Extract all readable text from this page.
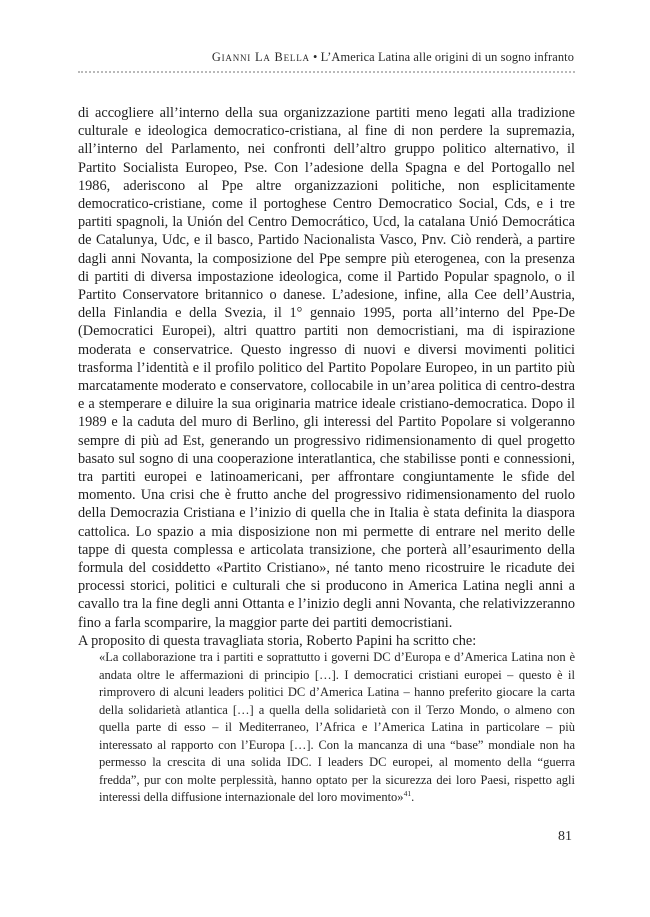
Gianni La Bella • L’America Latina alle origini di un sogno infranto

di accogliere all’interno della sua organizzazione partiti meno legati alla tradizione culturale e ideologica democratico-cristiana, al fine di non perdere la supremazia, all’interno del Parlamento, nei confronti dell’altro gruppo politico alternativo, il Partito Socialista Europeo, Pse. Con l’adesione della Spagna e del Portogallo nel 1986, aderiscono al Ppe altre organizzazioni politiche, non esplicitamente democratico-cristiane, come il portoghese Centro Democratico Social, Cds, e i tre partiti spagnoli, la Unión del Centro Democrático, Ucd, la catalana Unió Democrática de Catalunya, Udc, e il basco, Partido Nacionalista Vasco, Pnv. Ciò renderà, a partire dagli anni Novanta, la composizione del Ppe sempre più eterogenea, con la presenza di partiti di diversa impostazione ideologica, come il Partido Popular spagnolo, o il Partito Conservatore britannico o danese. L’adesione, infine, alla Cee dell’Austria, della Finlandia e della Svezia, il 1° gennaio 1995, porta all’interno del Ppe-De (Democratici Europei), altri quattro partiti non democristiani, ma di ispirazione moderata e conservatrice. Questo ingresso di nuovi e diversi movimenti politici trasforma l’identità e il profilo politico del Partito Popolare Europeo, in un partito più marcatamente moderato e conservatore, collocabile in un’area politica di centro-destra e a stemperare e diluire la sua originaria matrice ideale cristiano-democratica. Dopo il 1989 e la caduta del muro di Berlino, gli interessi del Partito Popolare si volgeranno sempre di più ad Est, generando un progressivo ridimensionamento di quel progetto basato sul sogno di una cooperazione interatlantica, che stabilisse ponti e connessioni, tra partiti europei e latinoamericani, per affrontare congiuntamente le sfide del momento. Una crisi che è frutto anche del progressivo ridimensionamento del ruolo della Democrazia Cristiana e l’inizio di quella che in Italia è stata definita la diaspora cattolica. Lo spazio a mia disposizione non mi permette di entrare nel merito delle tappe di questa complessa e articolata transizione, che porterà all’esaurimento della formula del cosiddetto «Partito Cristiano», né tanto meno ricostruire le ricadute dei processi storici, politici e culturali che si producono in America Latina negli anni a cavallo tra la fine degli anni Ottanta e l’inizio degli anni Novanta, che relativizzeranno fino a farla scomparire, la maggior parte dei partiti democristiani.

A proposito di questa travagliata storia, Roberto Papini ha scritto che:

«La collaborazione tra i partiti e soprattutto i governi DC d’Europa e d’America Latina non è andata oltre le affermazioni di principio […]. I democratici cristiani europei – questo è il rimprovero di alcuni leaders politici DC d’America Latina – hanno preferito giocare la carta della solidarietà atlantica […] a quella della solidarietà con il Terzo Mondo, o almeno con quella parte di esso – il Mediterraneo, l’Africa e l’America Latina in particolare – più interessato al rapporto con l’Europa […]. Con la mancanza di una “base” mondiale non ha permesso la crescita di una solida IDC. I leaders DC europei, al momento della “guerra fredda”, pur con molte perplessità, hanno optato per la sicurezza dei loro Paesi, rispetto agli interessi della diffusione internazionale del loro movimento»$^{41}$.

81
